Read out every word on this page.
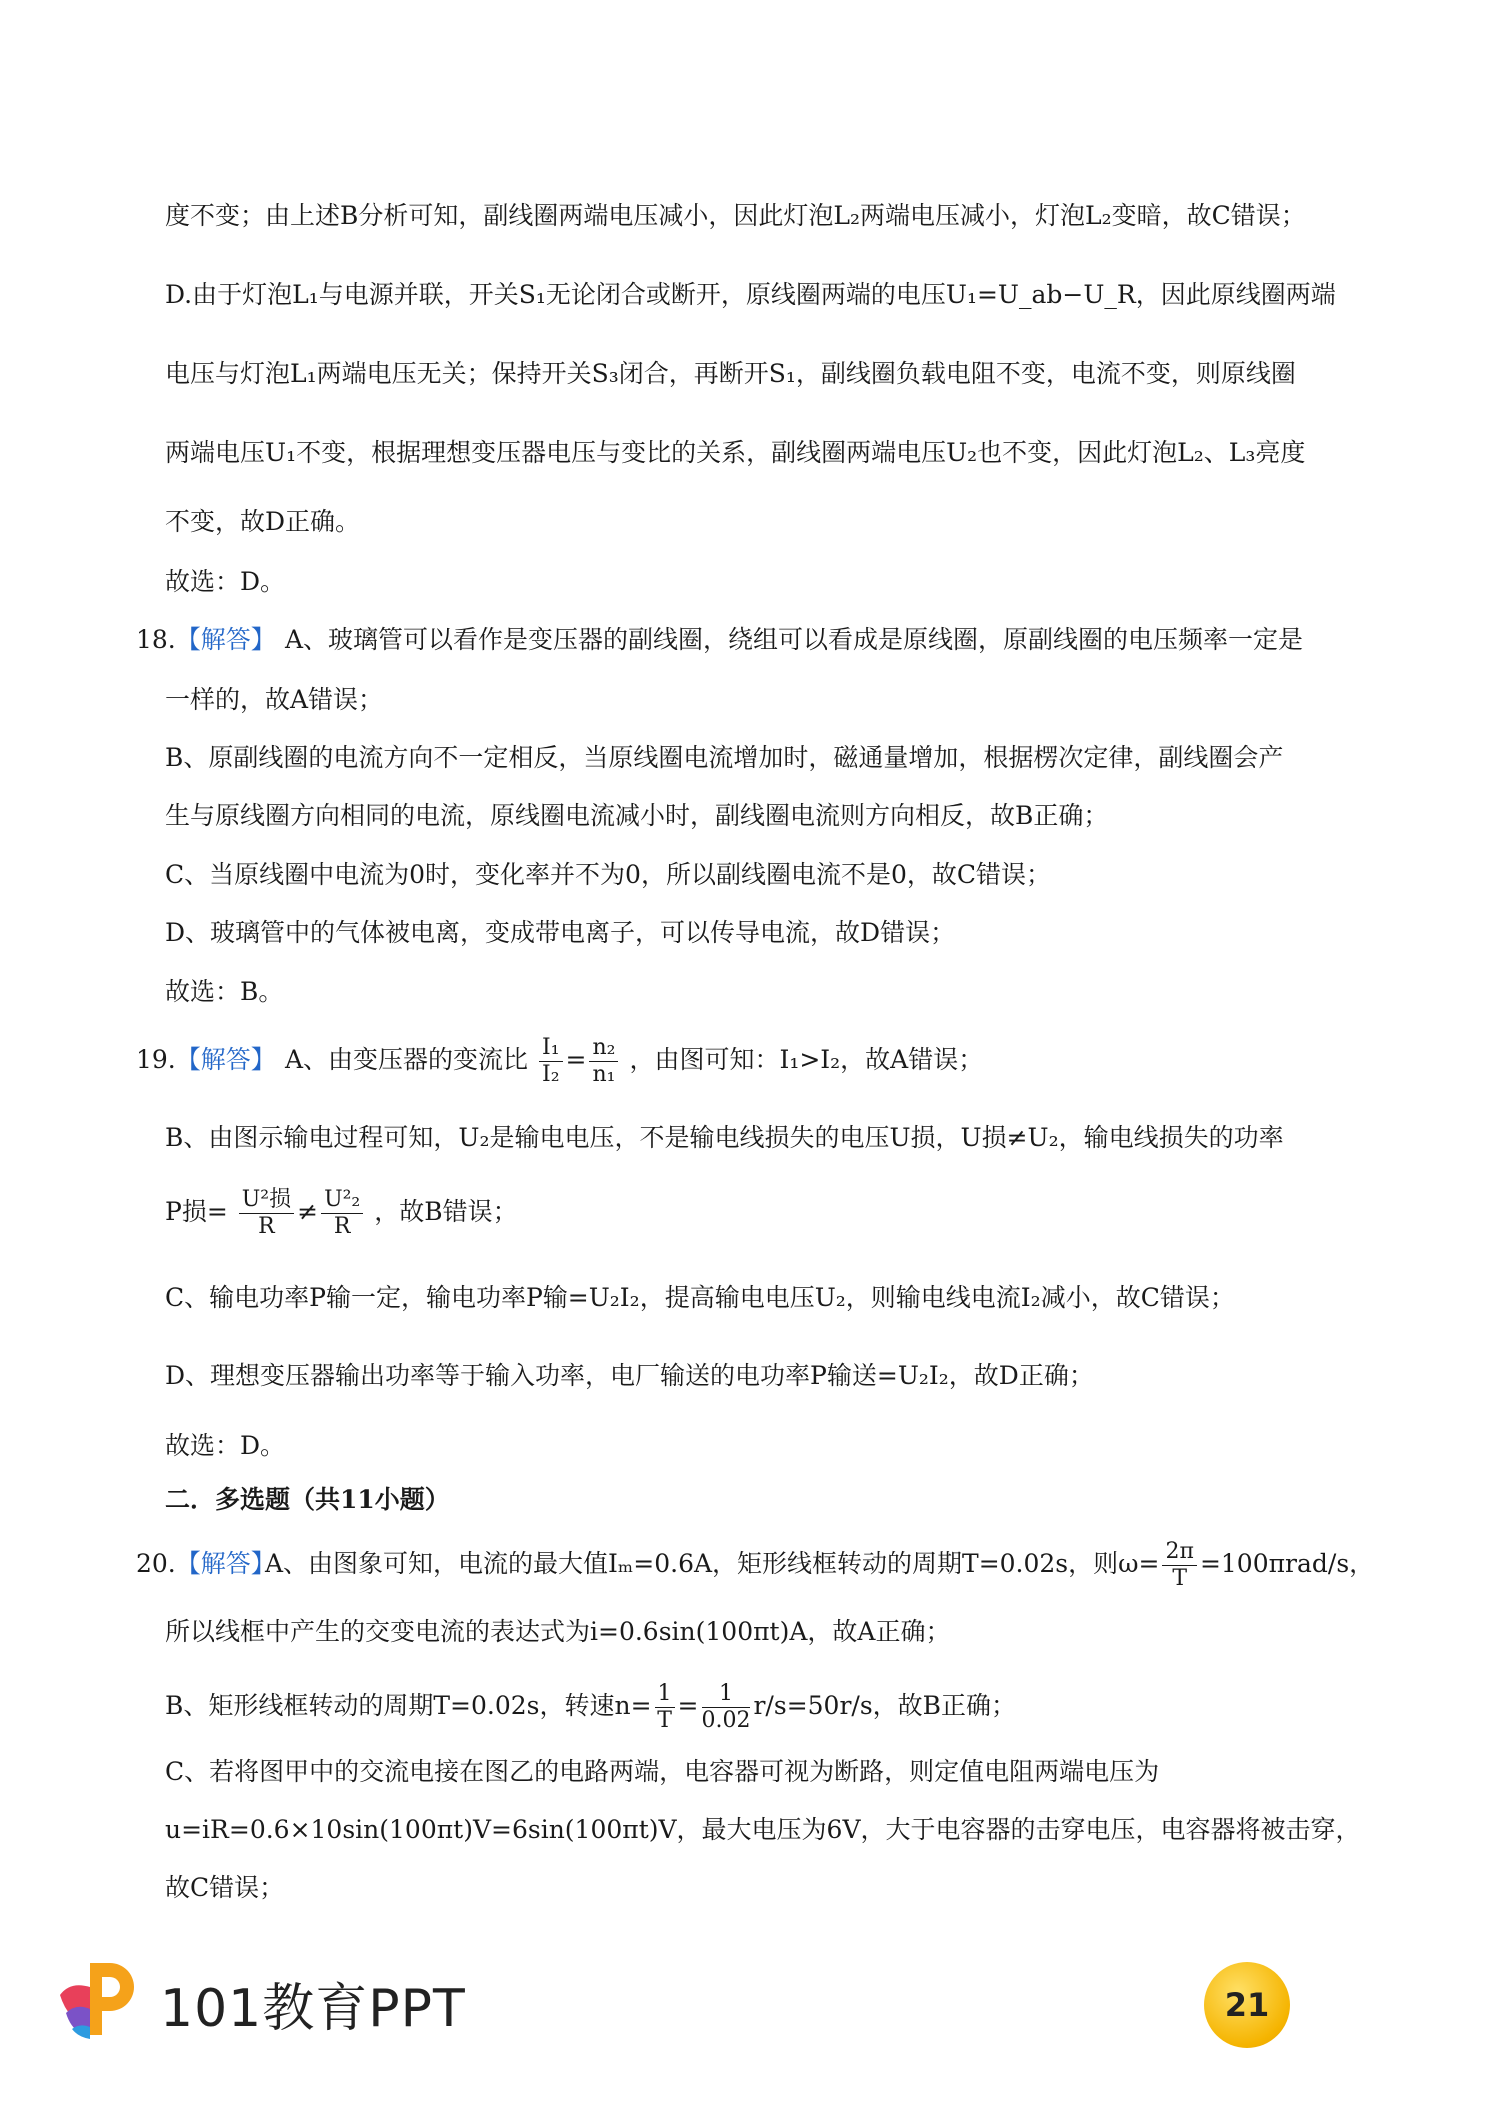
度不变；由上述B分析可知，副线圈两端电压减小，因此灯泡L₂两端电压减小，灯泡L₂变暗，故C错误；
D.由于灯泡L₁与电源并联，开关S₁无论闭合或断开，原线圈两端的电压U₁=U_ab−U_R，因此原线圈两端
电压与灯泡L₁两端电压无关；保持开关S₃闭合，再断开S₁，副线圈负载电阻不变，电流不变，则原线圈
两端电压U₁不变，根据理想变压器电压与变比的关系，副线圈两端电压U₂也不变，因此灯泡L₂、L₃亮度
不变，故D正确。
故选：D。
18.【解答】 A、玻璃管可以看作是变压器的副线圈，绕组可以看成是原线圈，原副线圈的电压频率一定是
一样的，故A错误；
B、原副线圈的电流方向不一定相反，当原线圈电流增加时，磁通量增加，根据楞次定律，副线圈会产
生与原线圈方向相同的电流，原线圈电流减小时，副线圈电流则方向相反，故B正确；
C、当原线圈中电流为0时，变化率并不为0，所以副线圈电流不是0，故C错误；
D、玻璃管中的气体被电离，变成带电离子，可以传导电流，故D错误；
故选：B。
19.【解答】 A、由变压器的变流比 $\frac{\text{I₁}}{\text{I₂}} = \frac{\text{n₂}}{\text{n₁}}$ ，由图可知：I₁>I₂，故A错误；
B、由图示输电过程可知，U₂是输电电压，不是输电线损失的电压U损，U损≠U₂，输电线损失的功率
P损= $\frac{\text{U²损}}{R} \ne \frac{\text{U²₂}}{R}$ ，故B错误；
C、输电功率P输一定，输电功率P输=U₂I₂，提高输电电压U₂，则输电线电流I₂减小，故C错误；
D、理想变压器输出功率等于输入功率，电厂输送的电功率P输送=U₂I₂，故D正确；
故选：D。
二．多选题（共11小题）
20.【解答】
A、由图象可知，电流的最大值Iₘ=0.6A，矩形线框转动的周期T=0.02s，则$\omega= \frac{2\pi}{T} =100\pi rad/s$，
所以线框中产生的交变电流的表达式为i=0.6sin(100πt)A，故A正确；
B、矩形线框转动的周期T=0.02s，转速$n= \frac{1}{T} = \frac{1}{0.02} r/s=50r/s$，故B正确；
C、若将图甲中的交流电接在图乙的电路两端，电容器可视为断路，则定值电阻两端电压为
u=iR=0.6×10sin(100πt)V=6sin(100πt)V，最大电压为6V，大于电容器的击穿电压，电容器将被击穿，
故C错误；
101教育PPT	21
